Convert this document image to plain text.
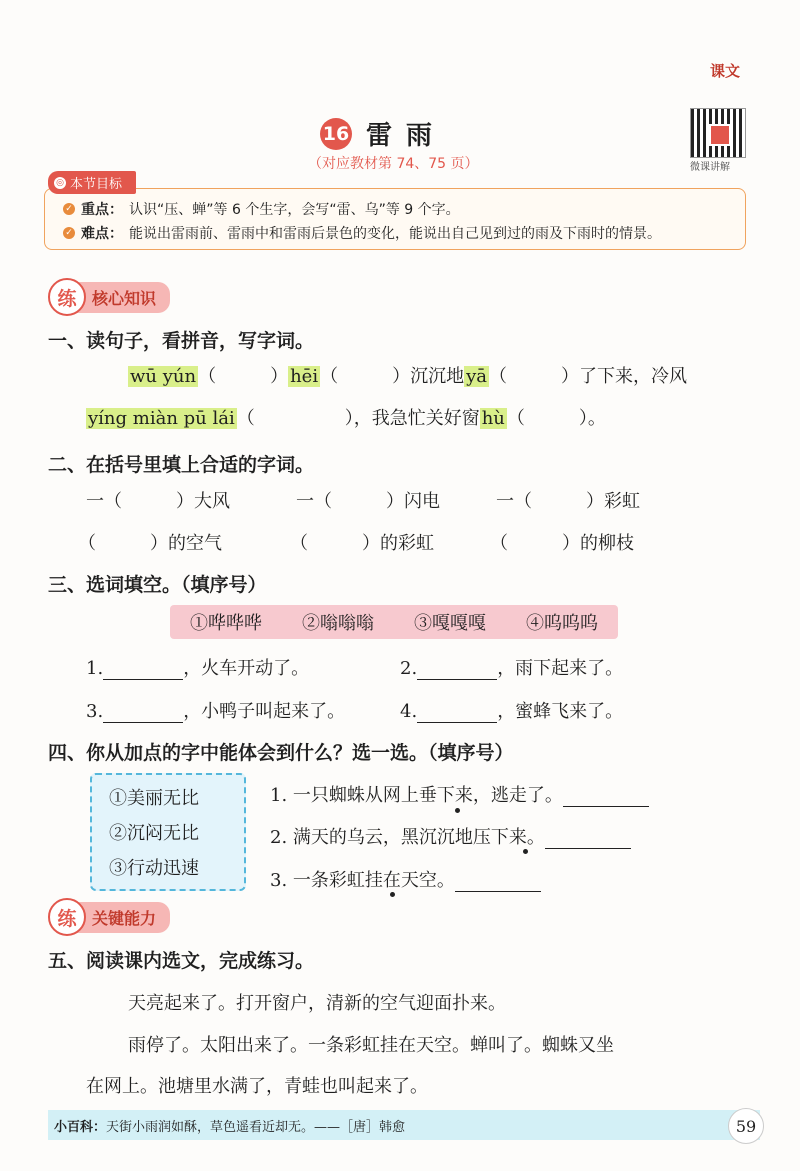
课文
16 雷雨
（对应教材第 74、75 页）	微课讲解
✓ 重点： 认识“压、蝉”等 6 个生字，会写“雷、乌”等 9 个字。
✓ 难点： 能说出雷雨前、雷雨中和雷雨后景色的变化，能说出自己见到过的雨及下雨时的情景。
◎ 本节目标
练 核心知识
一、读句子，看拼音，写字词。
wū yún （　　　） hēi （　　　）沉沉地 yā （　　　）了下来，冷风
yíng miàn pū lái （　　　　　），我急忙关好窗 hù （　　　）。
二、在括号里填上合适的字词。
一（　　　）大风	一（　　　）闪电	一（　　　）彩虹
（　　　）的空气	（　　　）的彩虹	（　　　）的柳枝
三、选词填空。（填序号）
①哗哗哗 ②嗡嗡嗡 ③嘎嘎嘎 ④呜呜呜
1.	，火车开动了。	2.	，雨下起来了。
3.	，小鸭子叫起来了。	4.	，蜜蜂飞来了。
四、你从加点的字中能体会到什么？选一选。（填序号）
①美丽无比
②沉闷无比
③行动迅速
1. 一只蜘蛛从网上垂下来，逃走了。
2. 满天的乌云，黑沉沉地压下来。
3. 一条彩虹挂在天空。
练 关键能力
五、阅读课内选文，完成练习。
天亮起来了。打开窗户，清新的空气迎面扑来。
雨停了。太阳出来了。一条彩虹挂在天空。蝉叫了。蜘蛛又坐
在网上。池塘里水满了，青蛙也叫起来了。
小百科： 天街小雨润如酥，草色遥看近却无。——［唐］韩愈	59
